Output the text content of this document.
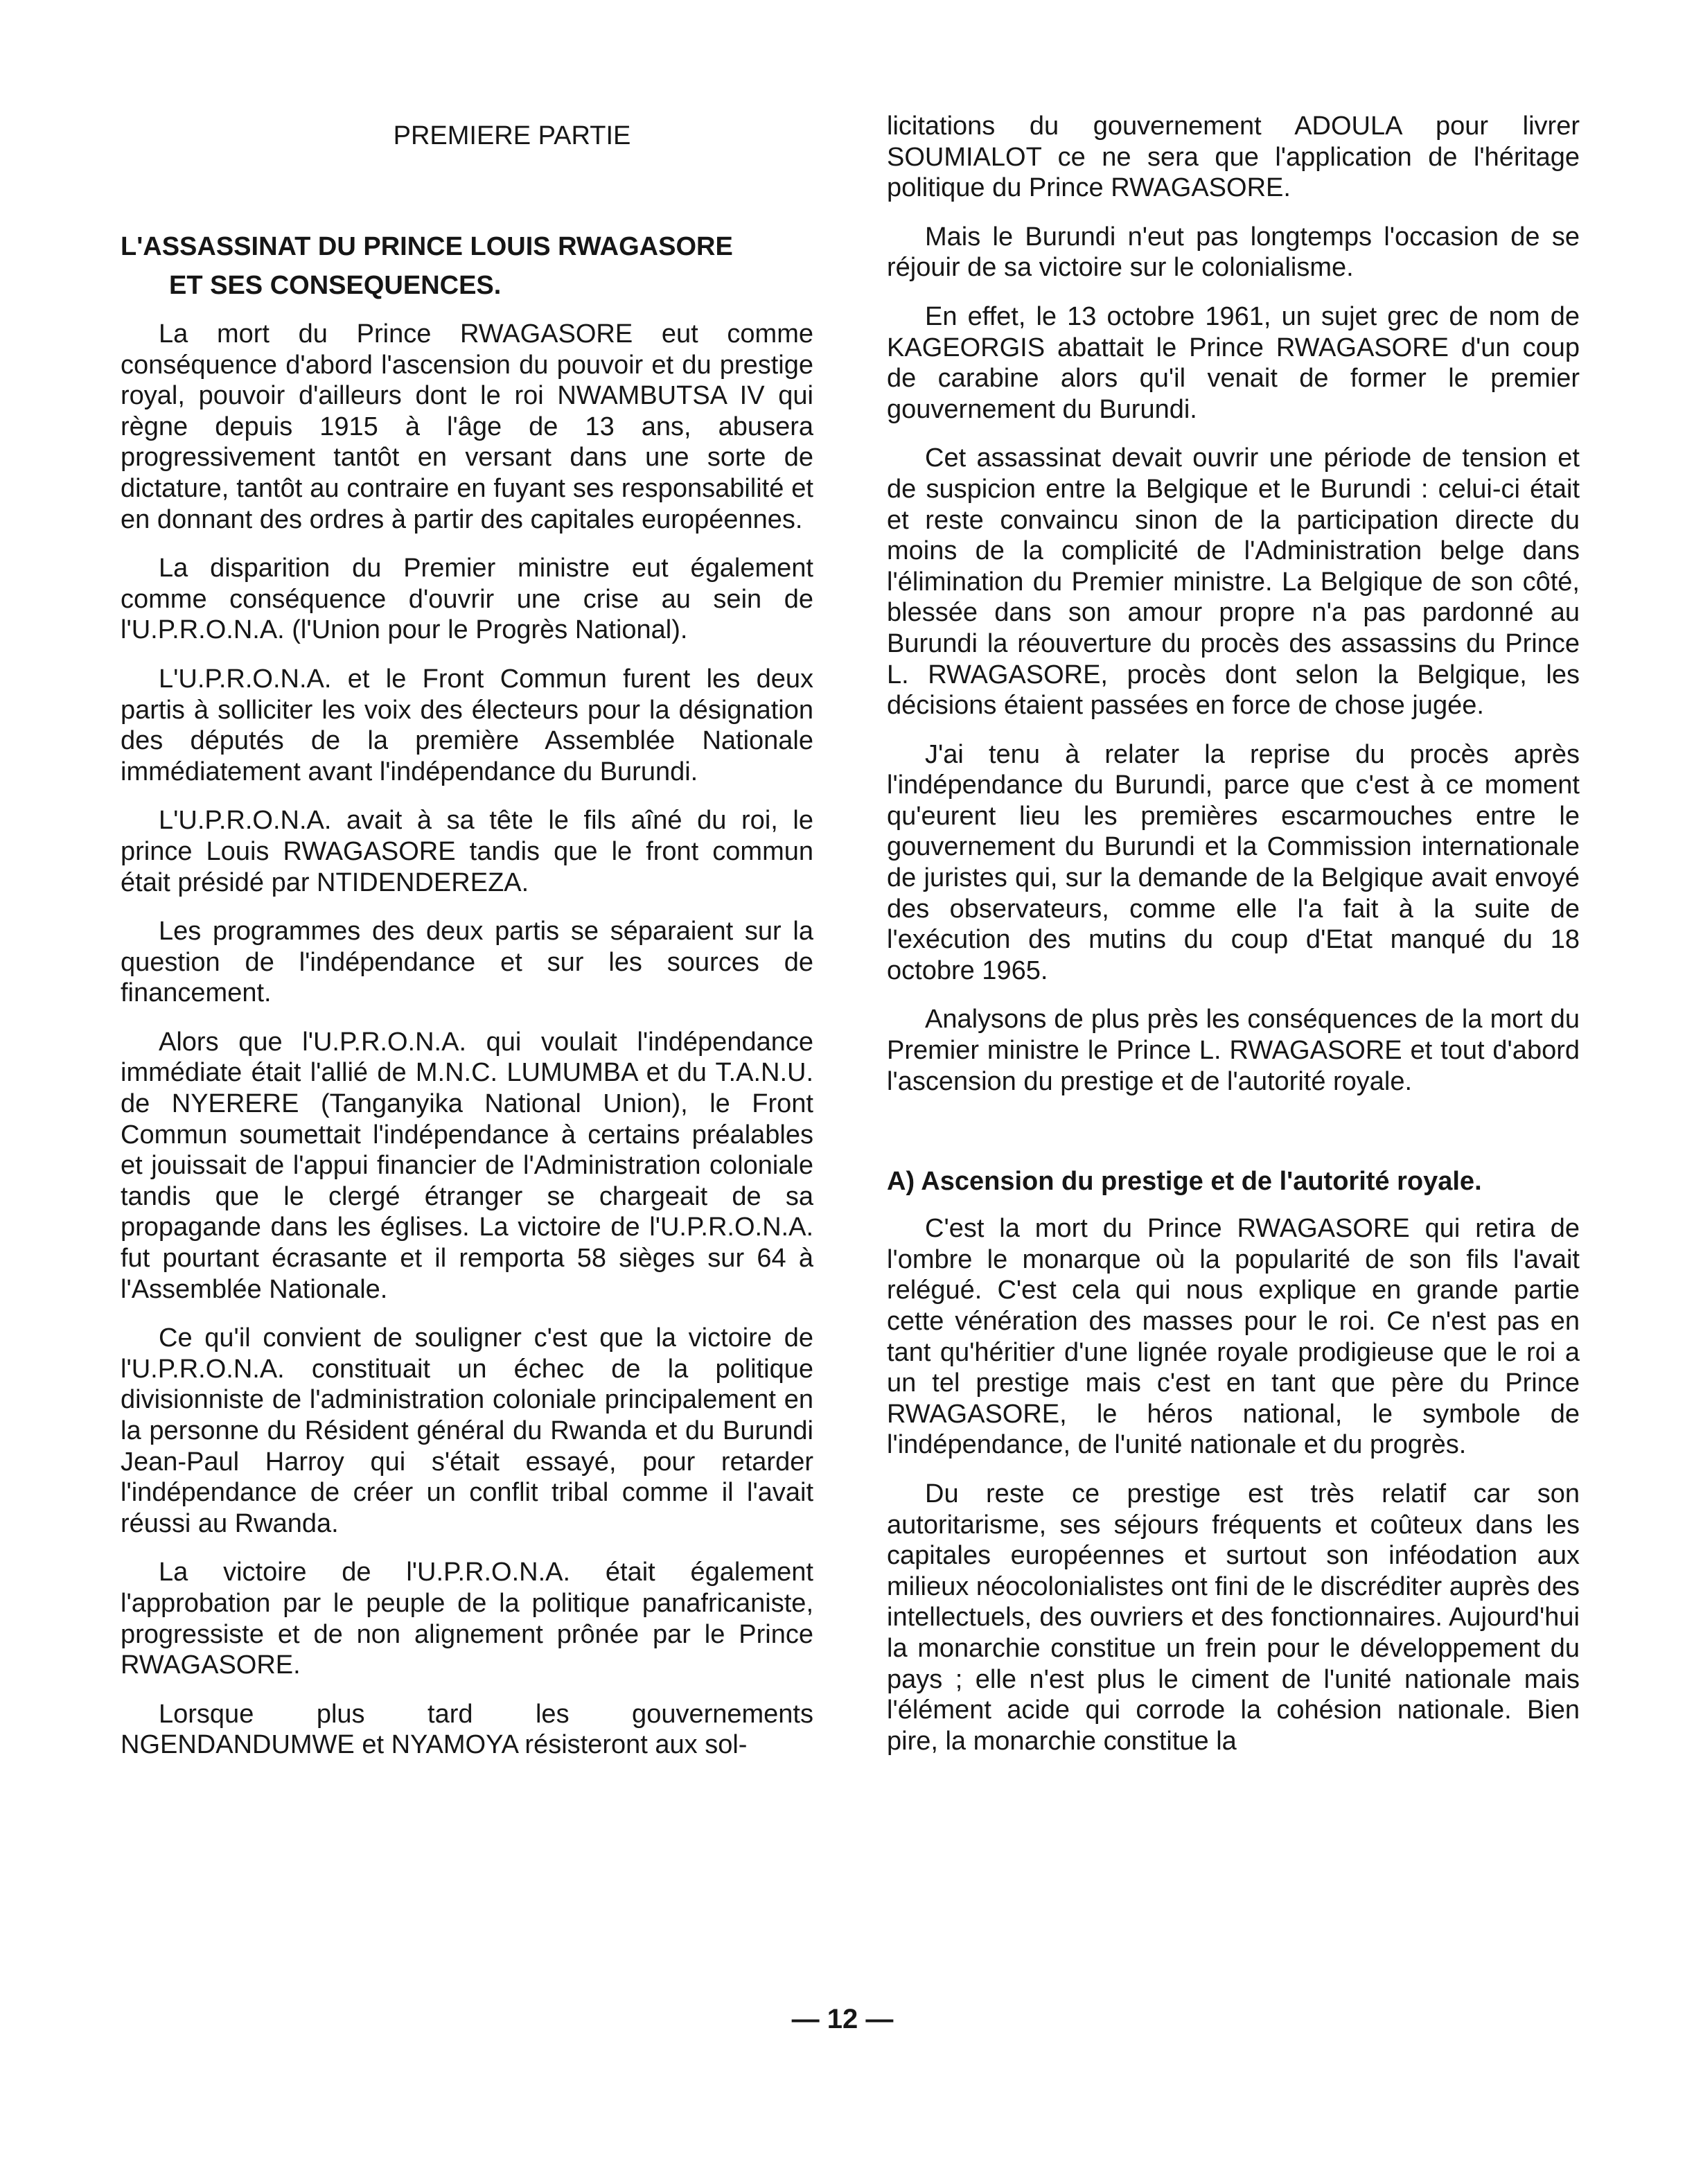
PREMIERE PARTIE

L'ASSASSINAT DU PRINCE LOUIS RWAGASORE
ET SES CONSEQUENCES.

La mort du Prince RWAGASORE eut comme conséquence d'abord l'ascension du pouvoir et du prestige royal, pouvoir d'ailleurs dont le roi NWAMBUTSA IV qui règne depuis 1915 à l'âge de 13 ans, abusera progressivement tantôt en versant dans une sorte de dictature, tantôt au contraire en fuyant ses responsabilité et en donnant des ordres à partir des capitales européennes.

La disparition du Premier ministre eut également comme conséquence d'ouvrir une crise au sein de l'U.P.R.O.N.A. (l'Union pour le Progrès National).

L'U.P.R.O.N.A. et le Front Commun furent les deux partis à solliciter les voix des électeurs pour la désignation des députés de la première Assemblée Nationale immédiatement avant l'indépendance du Burundi.

L'U.P.R.O.N.A. avait à sa tête le fils aîné du roi, le prince Louis RWAGASORE tandis que le front commun était présidé par NTIDENDEREZA.

Les programmes des deux partis se séparaient sur la question de l'indépendance et sur les sources de financement.

Alors que l'U.P.R.O.N.A. qui voulait l'indépendance immédiate était l'allié de M.N.C. LUMUMBA et du T.A.N.U. de NYERERE (Tanganyika National Union), le Front Commun soumettait l'indépendance à certains préalables et jouissait de l'appui financier de l'Administration coloniale tandis que le clergé étranger se chargeait de sa propagande dans les églises. La victoire de l'U.P.R.O.N.A. fut pourtant écrasante et il remporta 58 sièges sur 64 à l'Assemblée Nationale.

Ce qu'il convient de souligner c'est que la victoire de l'U.P.R.O.N.A. constituait un échec de la politique divisionniste de l'administration coloniale principalement en la personne du Résident général du Rwanda et du Burundi Jean-Paul Harroy qui s'était essayé, pour retarder l'indépendance de créer un conflit tribal comme il l'avait réussi au Rwanda.

La victoire de l'U.P.R.O.N.A. était également l'approbation par le peuple de la politique panafricaniste, progressiste et de non alignement prônée par le Prince RWAGASORE.

Lorsque plus tard les gouvernements NGENDANDUMWE et NYAMOYA résisteront aux sol-

licitations du gouvernement ADOULA pour livrer SOUMIALOT ce ne sera que l'application de l'héritage politique du Prince RWAGASORE.

Mais le Burundi n'eut pas longtemps l'occasion de se réjouir de sa victoire sur le colonialisme.

En effet, le 13 octobre 1961, un sujet grec de nom de KAGEORGIS abattait le Prince RWAGASORE d'un coup de carabine alors qu'il venait de former le premier gouvernement du Burundi.

Cet assassinat devait ouvrir une période de tension et de suspicion entre la Belgique et le Burundi : celui-ci était et reste convaincu sinon de la participation directe du moins de la complicité de l'Administration belge dans l'élimination du Premier ministre. La Belgique de son côté, blessée dans son amour propre n'a pas pardonné au Burundi la réouverture du procès des assassins du Prince L. RWAGASORE, procès dont selon la Belgique, les décisions étaient passées en force de chose jugée.

J'ai tenu à relater la reprise du procès après l'indépendance du Burundi, parce que c'est à ce moment qu'eurent lieu les premières escarmouches entre le gouvernement du Burundi et la Commission internationale de juristes qui, sur la demande de la Belgique avait envoyé des observateurs, comme elle l'a fait à la suite de l'exécution des mutins du coup d'Etat manqué du 18 octobre 1965.

Analysons de plus près les conséquences de la mort du Premier ministre le Prince L. RWAGASORE et tout d'abord l'ascension du prestige et de l'autorité royale.

A) Ascension du prestige et de l'autorité royale.

C'est la mort du Prince RWAGASORE qui retira de l'ombre le monarque où la popularité de son fils l'avait relégué. C'est cela qui nous explique en grande partie cette vénération des masses pour le roi. Ce n'est pas en tant qu'héritier d'une lignée royale prodigieuse que le roi a un tel prestige mais c'est en tant que père du Prince RWAGASORE, le héros national, le symbole de l'indépendance, de l'unité nationale et du progrès.

Du reste ce prestige est très relatif car son autoritarisme, ses séjours fréquents et coûteux dans les capitales européennes et surtout son inféodation aux milieux néocolonialistes ont fini de le discréditer auprès des intellectuels, des ouvriers et des fonctionnaires. Aujourd'hui la monarchie constitue un frein pour le développement du pays ; elle n'est plus le ciment de l'unité nationale mais l'élément acide qui corrode la cohésion nationale. Bien pire, la monarchie constitue la

— 12 —
